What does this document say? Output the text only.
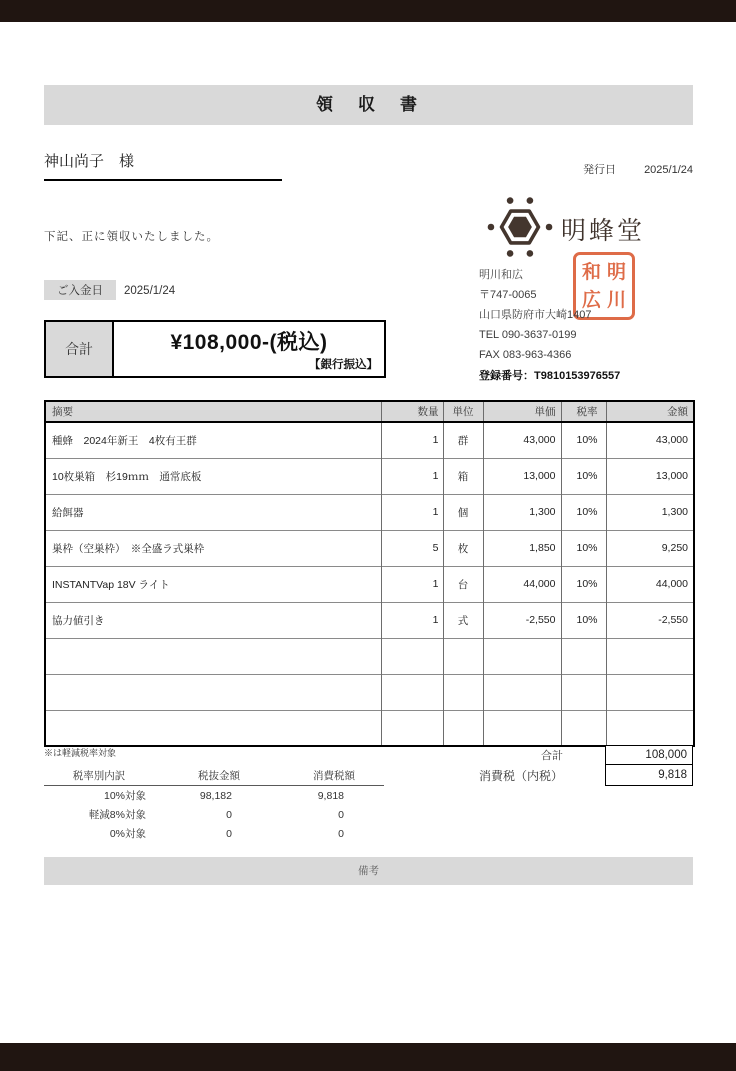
領　収　書
神山尚子　様	発行日	2025/1/24
下記、正に領収いたしました。
ご入金日 2025/1/24
合計	¥108,000-(税込)
【銀行振込】
明蜂堂
和 明
広 川
明川和広
〒747-0065
山口県防府市大崎1407
TEL 090-3637-0199
FAX 083-963-4366
登録番号：T9810153976557
摘要	数量	単位	単価	税率	金額
種蜂　2024年新王　4枚有王群	1	群	43,000	10%	43,000
10枚巣箱　杉19ｍｍ　通常底板	1	箱	13,000	10%	13,000
給餌器	1	個	1,300	10%	1,300
巣枠（空巣枠）　※全盛ラ式巣枠	5	枚	1,850	10%	9,250
INSTANTVap 18V ライト	1	台	44,000	10%	44,000
協力値引き	1	式	-2,550	10%	-2,550

※は軽減税率対象	合計	108,000
消費税（内税）	9,818
税率別内訳	税抜金額	消費税額
10%対象	98,182	9,818
軽減8%対象	0	0
0%対象	0	0
備考
